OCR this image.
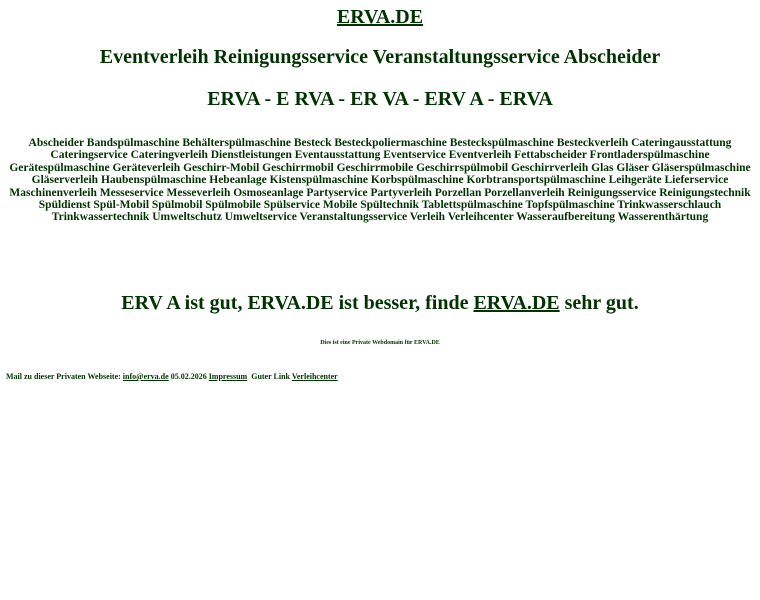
ERVA.DE
Eventverleih Reinigungsservice Veranstaltungsservice Abscheider
ERVA - E RVA - ER VA - ERV A - ERVA
Abscheider Bandspülmaschine Behälterspülmaschine Besteck Besteckpoliermaschine Besteckspülmaschine Besteckverleih Cateringausstattung Cateringservice Cateringverleih Dienstleistungen Eventausstattung Eventservice Eventverleih Fettabscheider Frontladerspülmaschine Gerätespülmaschine Geräteverleih Geschirr-Mobil Geschirrmobil Geschirrmobile Geschirrspülmobil Geschirrverleih Glas Gläser Gläserspülmaschine Gläserverleih Haubenspülmaschine Hebeanlage Kistenspülmaschine Korbspülmaschine Korbtransportspülmaschine Leihgeräte Lieferservice Maschinenverleih Messeservice Messeverleih Osmoseanlage Partyservice Partyverleih Porzellan Porzellanverleih Reinigungsservice Reinigungstechnik Spüldienst Spül-Mobil Spülmobil Spülmobile Spülservice Mobile Spültechnik Tablettspülmaschine Topfspülmaschine Trinkwasserschlauch Trinkwassertechnik Umweltschutz Umweltservice Veranstaltungsservice Verleih Verleihcenter Wasseraufbereitung Wasserenthärtung
ERV A ist gut, ERVA.DE ist besser, finde ERVA.DE sehr gut.
Dies ist eine Private Webdomain für ERVA.DE
Mail zu dieser Privaten Webseite: info@erva.de 05.02.2026 Impressum  Guter Link Verleihcenter
